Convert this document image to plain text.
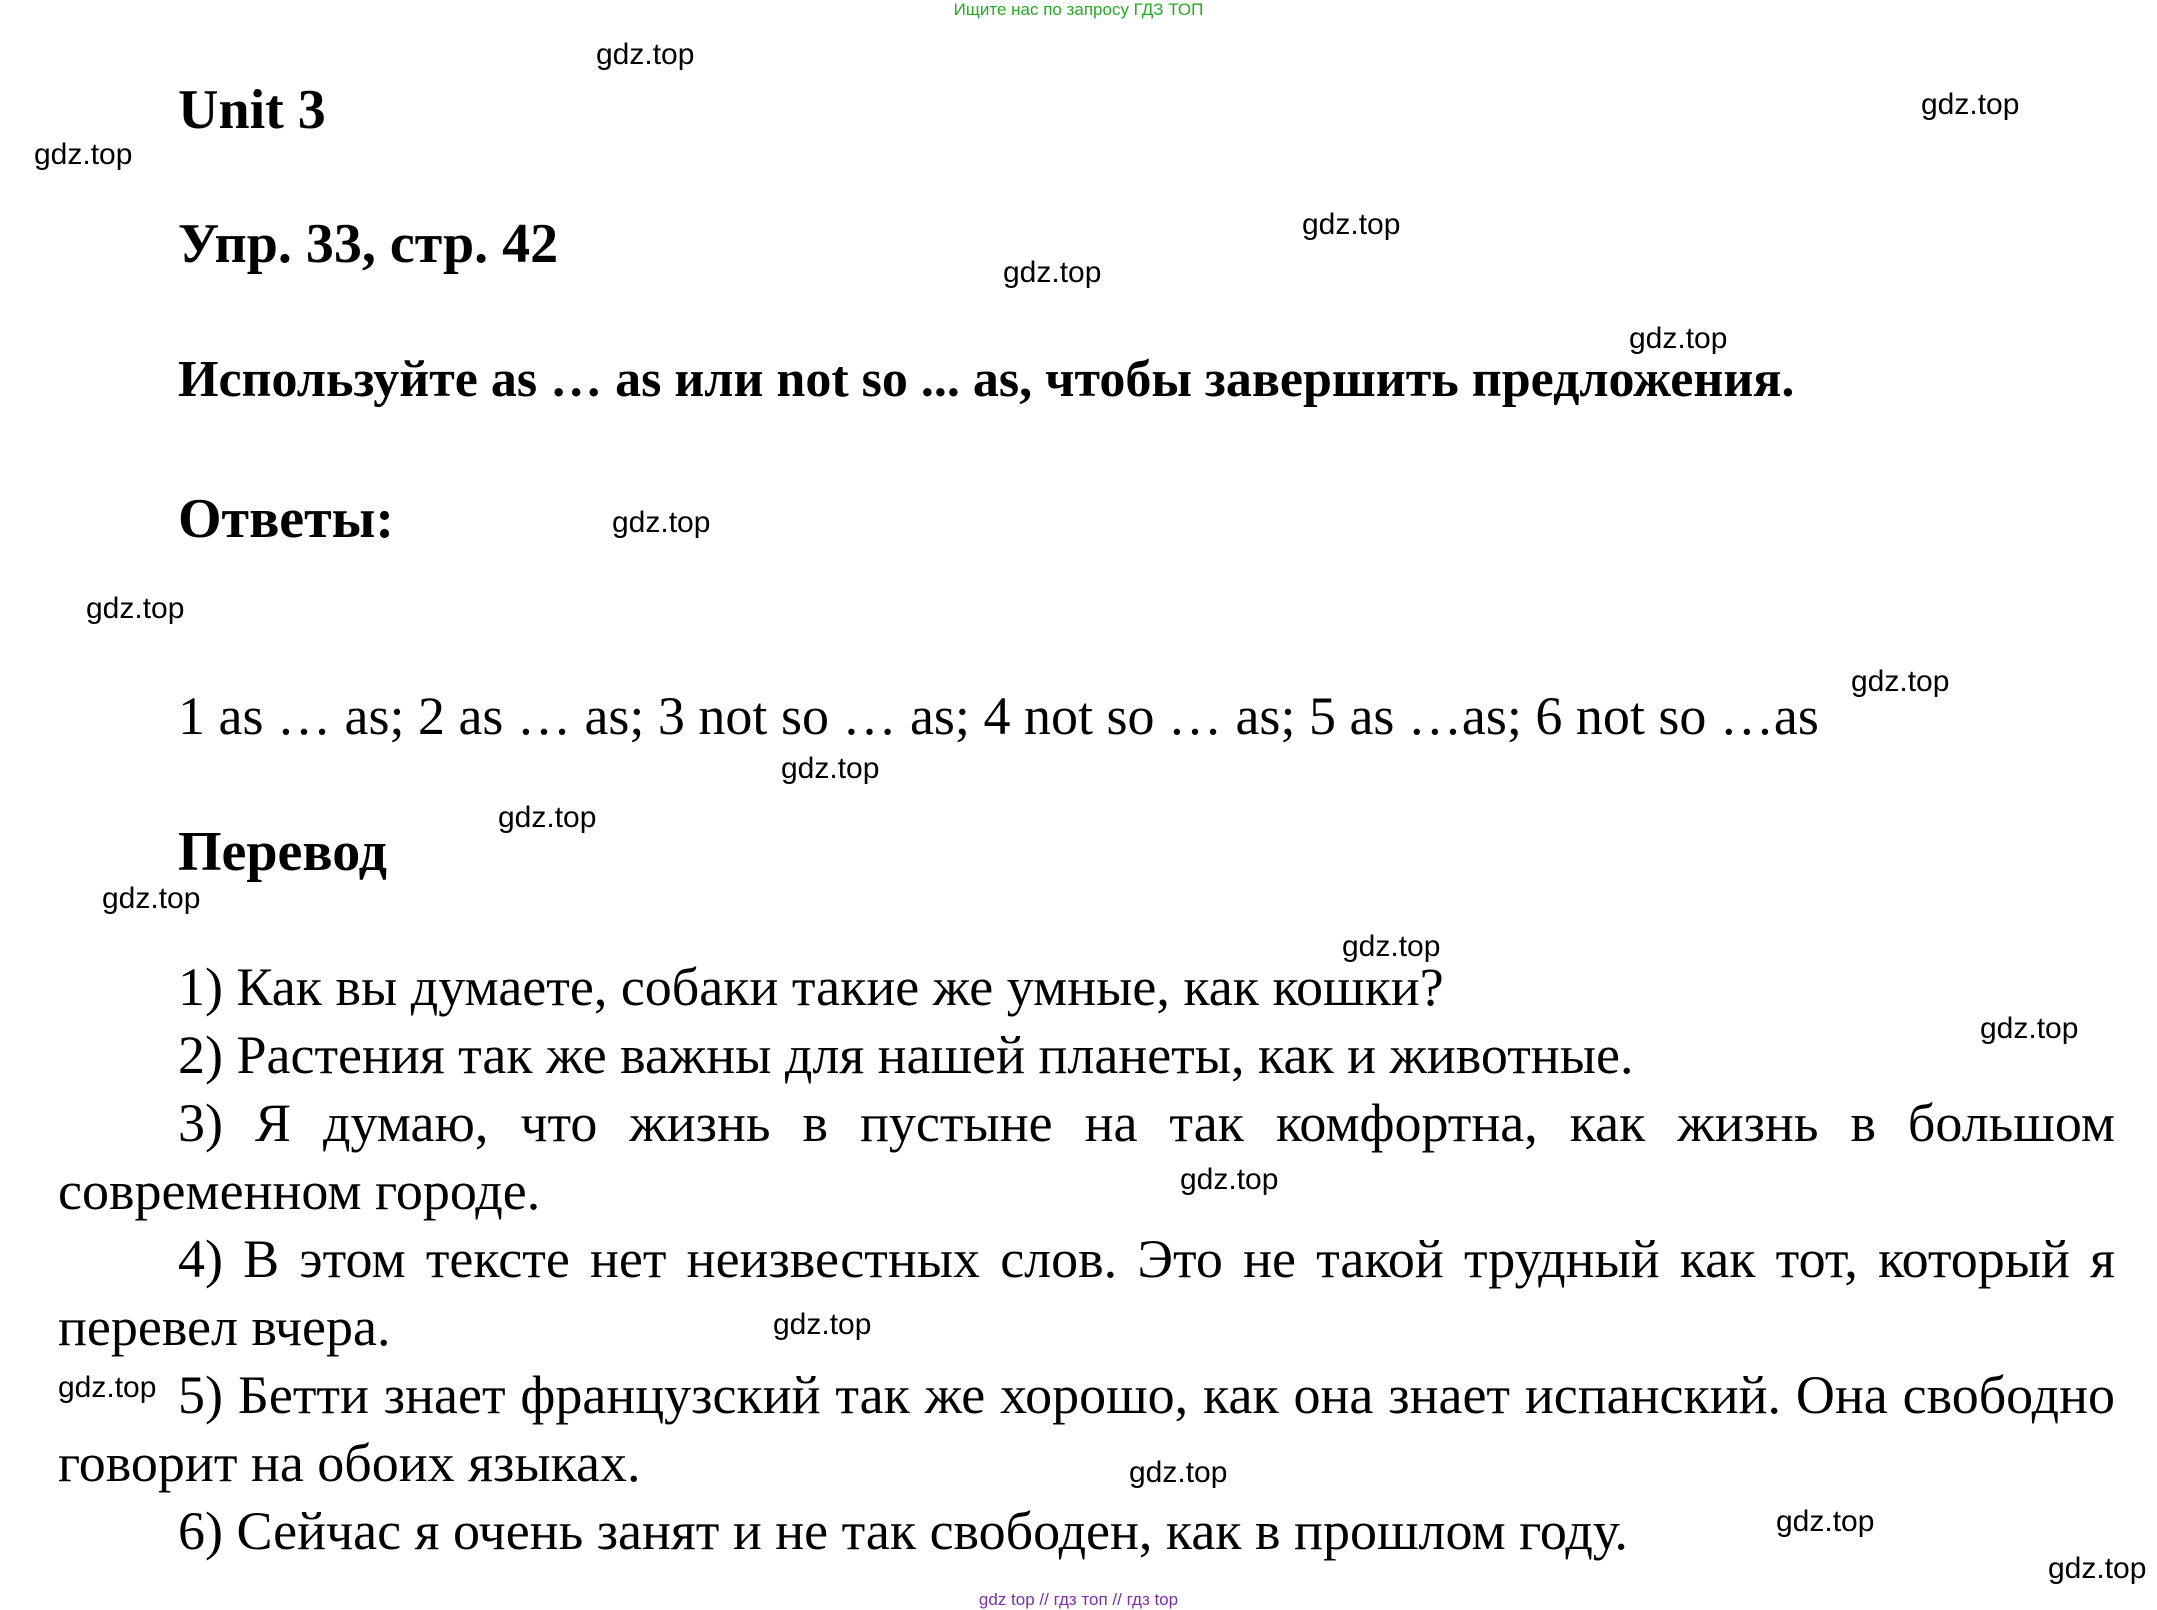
Ищите нас по запросу ГДЗ ТОП
Unit 3
Упр. 33, стр. 42
Используйте as … as или not so ... as, чтобы завершить предложения.
Ответы:
1 as … as; 2 as … as; 3 not so … as; 4 not so … as; 5 as …as; 6 not so …as
Перевод

1) Как вы думаете, собаки такие же умные, как кошки?

2) Растения так же важны для нашей планеты, как и животные.

3) Я думаю, что жизнь в пустыне на так комфортна, как жизнь в большом современном городе.

4) В этом тексте нет неизвестных слов. Это не такой трудный как тот, который я перевел вчера.

5) Бетти знает французский так же хорошо, как она знает испанский. Она свободно говорит на обоих языках.

6) Сейчас я очень занят и не так свободен, как в прошлом году.

gdz.top
gdz.top
gdz.top
gdz.top
gdz.top
gdz.top
gdz.top
gdz.top
gdz.top
gdz.top
gdz.top
gdz.top
gdz.top
gdz.top
gdz.top
gdz.top
gdz.top
gdz.top
gdz.top
gdz.top
gdz top // гдз топ // гдз top
